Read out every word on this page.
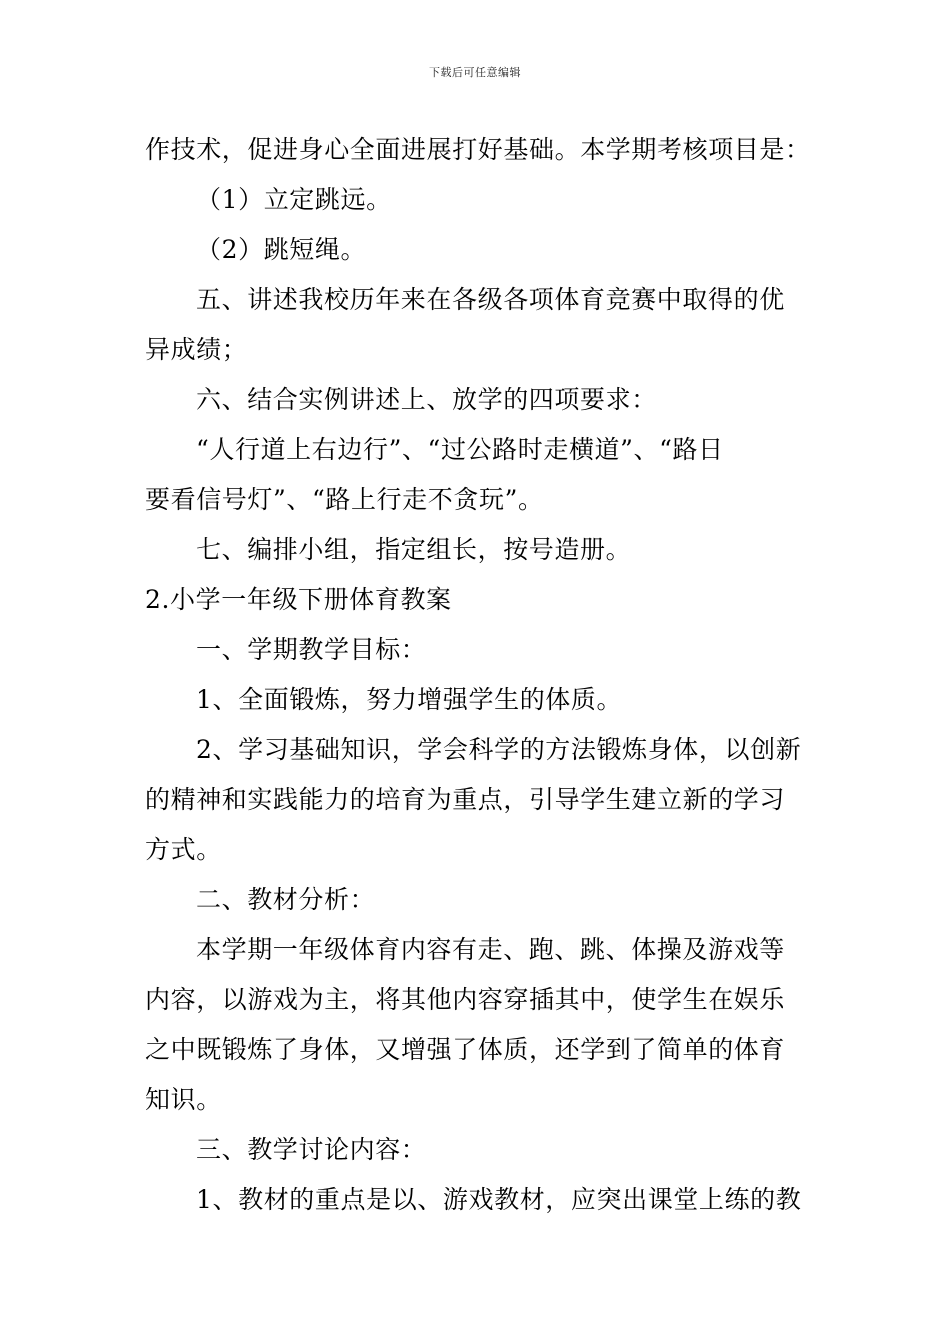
下载后可任意编辑
作技术，促进身心全面进展打好基础。本学期考核项目是：
（1）立定跳远。
（2）跳短绳。
五、讲述我校历年来在各级各项体育竞赛中取得的优
异成绩；
六、结合实例讲述上、放学的四项要求：
“人行道上右边行”、“过公路时走横道”、“路日
要看信号灯”、“路上行走不贪玩”。
七、编排小组，指定组长，按号造册。
2.小学一年级下册体育教案
一、学期教学目标：
1、全面锻炼，努力增强学生的体质。
2、学习基础知识，学会科学的方法锻炼身体，以创新
的精神和实践能力的培育为重点，引导学生建立新的学习
方式。
二、教材分析：
本学期一年级体育内容有走、跑、跳、体操及游戏等
内容，以游戏为主，将其他内容穿插其中，使学生在娱乐
之中既锻炼了身体，又增强了体质，还学到了简单的体育
知识。
三、教学讨论内容：
1、教材的重点是以、游戏教材，应突出课堂上练的教
